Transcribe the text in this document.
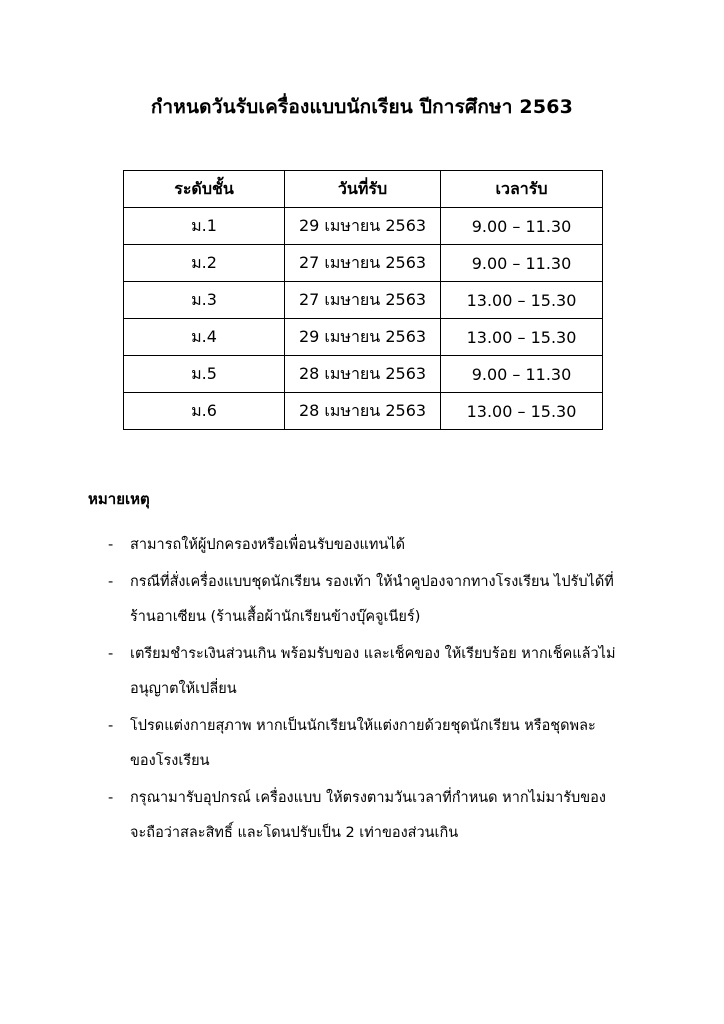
กำหนดวันรับเครื่องแบบนักเรียน ปีการศึกษา 2563
ระดับชั้น	วันที่รับ	เวลารับ
ม.1	29 เมษายน 2563	9.00 – 11.30
ม.2	27 เมษายน 2563	9.00 – 11.30
ม.3	27 เมษายน 2563	13.00 – 15.30
ม.4	29 เมษายน 2563	13.00 – 15.30
ม.5	28 เมษายน 2563	9.00 – 11.30
ม.6	28 เมษายน 2563	13.00 – 15.30
หมายเหตุ
- สามารถให้ผู้ปกครองหรือเพื่อนรับของแทนได้
- กรณีที่สั่งเครื่องแบบชุดนักเรียน รองเท้า ให้นำคูปองจากทางโรงเรียน ไปรับได้ที่
ร้านอาเซียน (ร้านเสื้อผ้านักเรียนข้างบุ๊คจูเนียร์)
- เตรียมชำระเงินส่วนเกิน พร้อมรับของ และเช็คของ ให้เรียบร้อย หากเช็คแล้วไม่
อนุญาตให้เปลี่ยน
- โปรดแต่งกายสุภาพ หากเป็นนักเรียนให้แต่งกายด้วยชุดนักเรียน หรือชุดพละ
ของโรงเรียน
- กรุณามารับอุปกรณ์ เครื่องแบบ ให้ตรงตามวันเวลาที่กำหนด หากไม่มารับของ
จะถือว่าสละสิทธิ์ และโดนปรับเป็น 2 เท่าของส่วนเกิน
